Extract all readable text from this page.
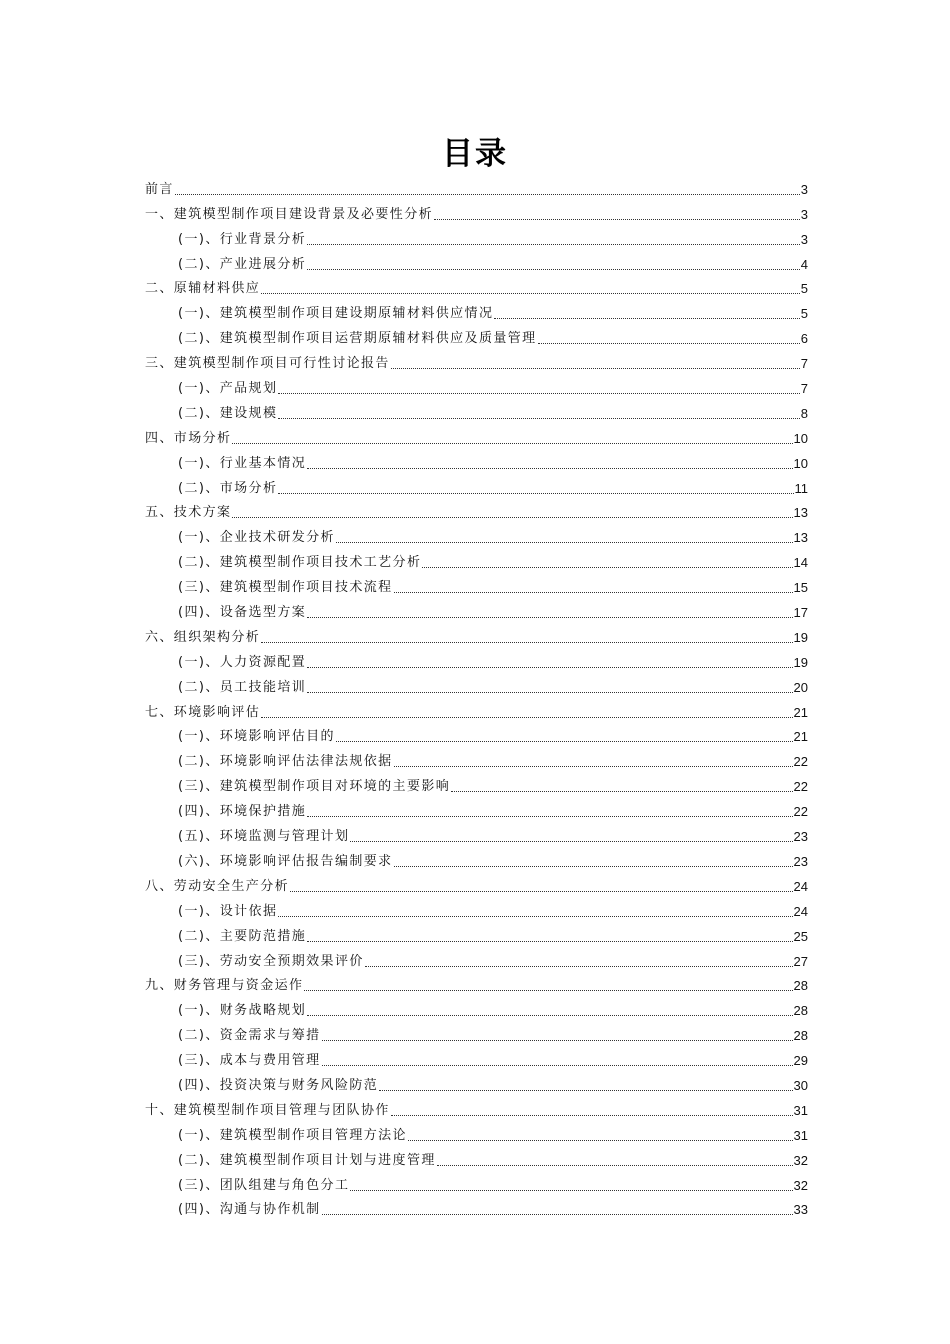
目录
前言	3
一、建筑模型制作项目建设背景及必要性分析	3
(一)、行业背景分析	3
(二)、产业进展分析	4
二、原辅材料供应	5
(一)、建筑模型制作项目建设期原辅材料供应情况	5
(二)、建筑模型制作项目运营期原辅材料供应及质量管理	6
三、建筑模型制作项目可行性讨论报告	7
(一)、产品规划	7
(二)、建设规模	8
四、市场分析	10
(一)、行业基本情况	10
(二)、市场分析	11
五、技术方案	13
(一)、企业技术研发分析	13
(二)、建筑模型制作项目技术工艺分析	14
(三)、建筑模型制作项目技术流程	15
(四)、设备选型方案	17
六、组织架构分析	19
(一)、人力资源配置	19
(二)、员工技能培训	20
七、环境影响评估	21
(一)、环境影响评估目的	21
(二)、环境影响评估法律法规依据	22
(三)、建筑模型制作项目对环境的主要影响	22
(四)、环境保护措施	22
(五)、环境监测与管理计划	23
(六)、环境影响评估报告编制要求	23
八、劳动安全生产分析	24
(一)、设计依据	24
(二)、主要防范措施	25
(三)、劳动安全预期效果评价	27
九、财务管理与资金运作	28
(一)、财务战略规划	28
(二)、资金需求与筹措	28
(三)、成本与费用管理	29
(四)、投资决策与财务风险防范	30
十、建筑模型制作项目管理与团队协作	31
(一)、建筑模型制作项目管理方法论	31
(二)、建筑模型制作项目计划与进度管理	32
(三)、团队组建与角色分工	32
(四)、沟通与协作机制	33
